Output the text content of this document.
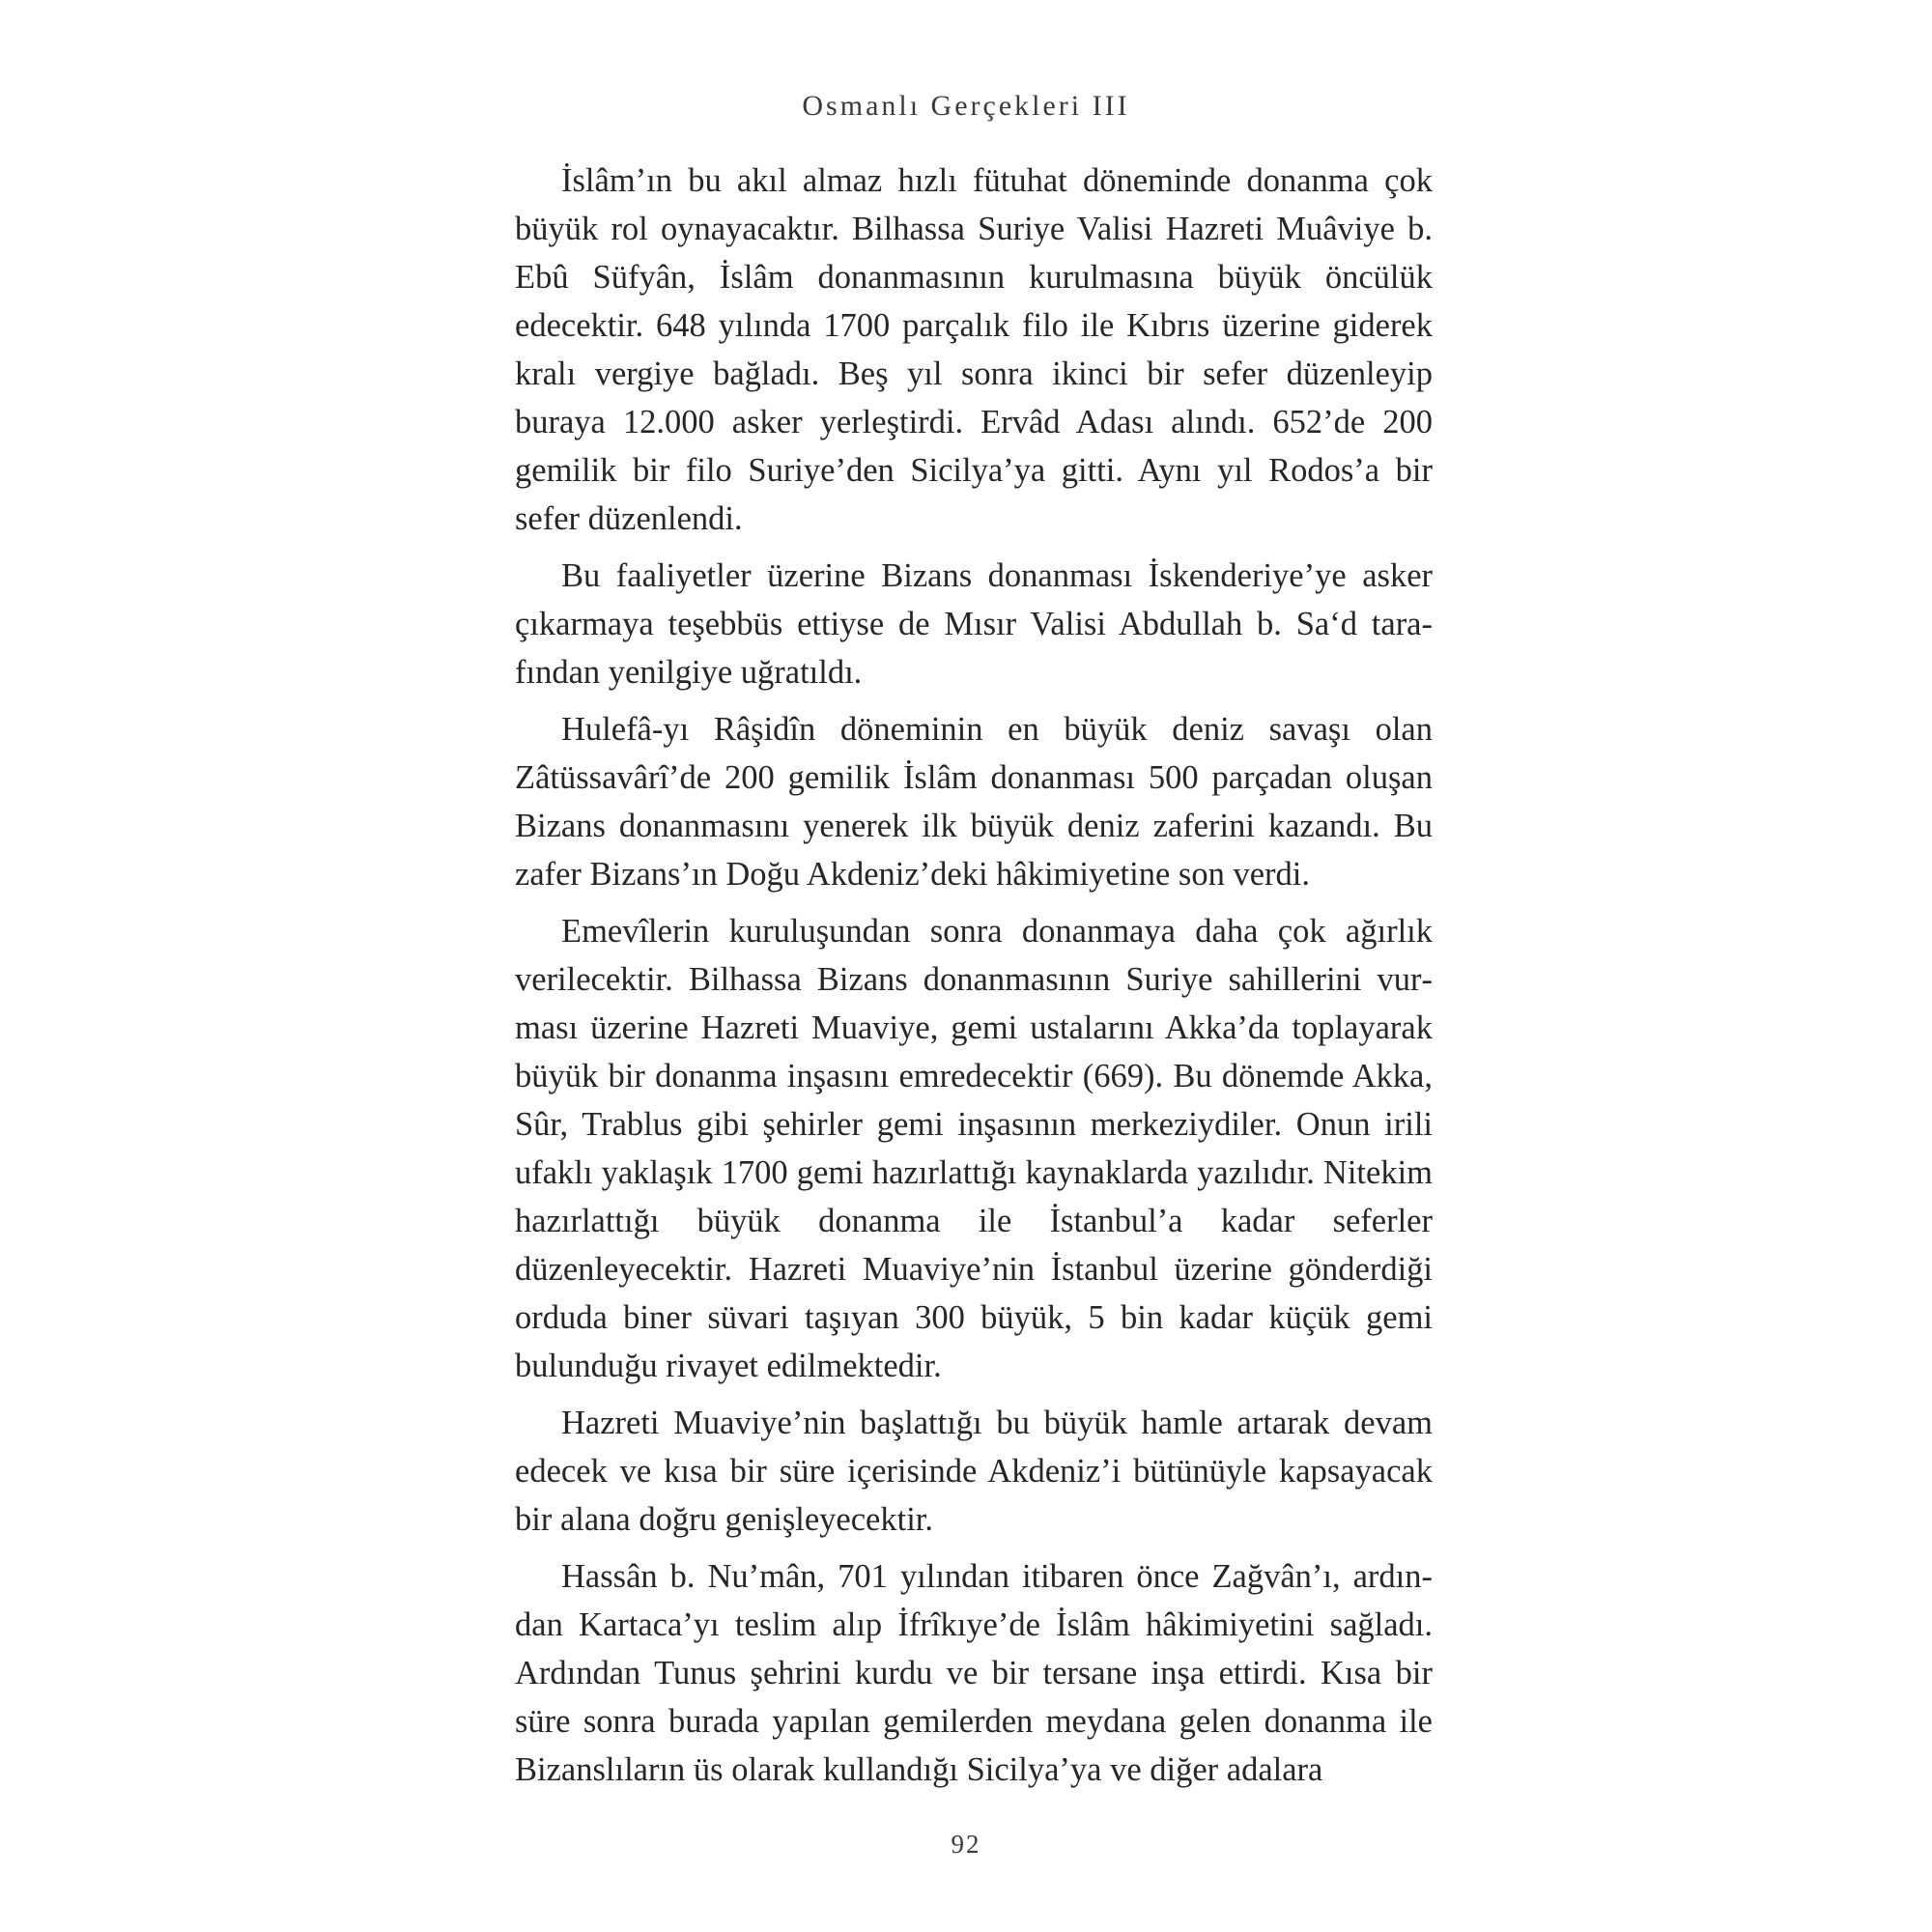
Osmanlı Gerçekleri III

İslâm’ın bu akıl almaz hızlı fütuhat döneminde donanma çok büyük rol oynayacaktır. Bilhassa Suriye Valisi Hazreti Muâviye b. Ebû Süfyân, İslâm donanmasının kurulmasına büyük öncülük edecektir. 648 yılında 1700 parçalık filo ile Kıbrıs üzerine giderek kralı vergiye bağladı. Beş yıl sonra ikinci bir sefer düzenleyip buraya 12.000 asker yerleştirdi. Ervâd Adası alındı. 652’de 200 gemilik bir filo Suriye’den Sicilya’ya gitti. Aynı yıl Rodos’a bir sefer düzenlendi.

Bu faaliyetler üzerine Bizans donanması İskenderiye’ye asker çıkarmaya teşebbüs ettiyse de Mısır Valisi Abdullah b. Sa‘d tarafından yenilgiye uğratıldı.

Hulefâ-yı Râşidîn döneminin en büyük deniz savaşı olan Zâtüssavârî’de 200 gemilik İslâm donanması 500 parçadan oluşan Bizans donanmasını yenerek ilk büyük deniz zaferini kazandı. Bu zafer Bizans’ın Doğu Akdeniz’deki hâkimiyetine son verdi.

Emevîlerin kuruluşundan sonra donanmaya daha çok ağırlık verilecektir. Bilhassa Bizans donanmasının Suriye sahillerini vurması üzerine Hazreti Muaviye, gemi ustalarını Akka’da toplayarak büyük bir donanma inşasını emredecektir (669). Bu dönemde Akka, Sûr, Trablus gibi şehirler gemi inşasının merkeziydiler. Onun irili ufaklı yaklaşık 1700 gemi hazırlattığı kaynaklarda yazılıdır. Nitekim hazırlattığı büyük donanma ile İstanbul’a kadar seferler düzenleyecektir. Hazreti Muaviye’nin İstanbul üzerine gönderdiği orduda biner süvari taşıyan 300 büyük, 5 bin kadar küçük gemi bulunduğu rivayet edilmektedir.

Hazreti Muaviye’nin başlattığı bu büyük hamle artarak devam edecek ve kısa bir süre içerisinde Akdeniz’i bütünüyle kapsayacak bir alana doğru genişleyecektir.

Hassân b. Nu’mân, 701 yılından itibaren önce Zağvân’ı, ardından Kartaca’yı teslim alıp İfrîkıye’de İslâm hâkimiyetini sağladı. Ardından Tunus şehrini kurdu ve bir tersane inşa ettirdi. Kısa bir süre sonra burada yapılan gemilerden meydana gelen donanma ile Bizanslıların üs olarak kullandığı Sicilya’ya ve diğer adalara

92
